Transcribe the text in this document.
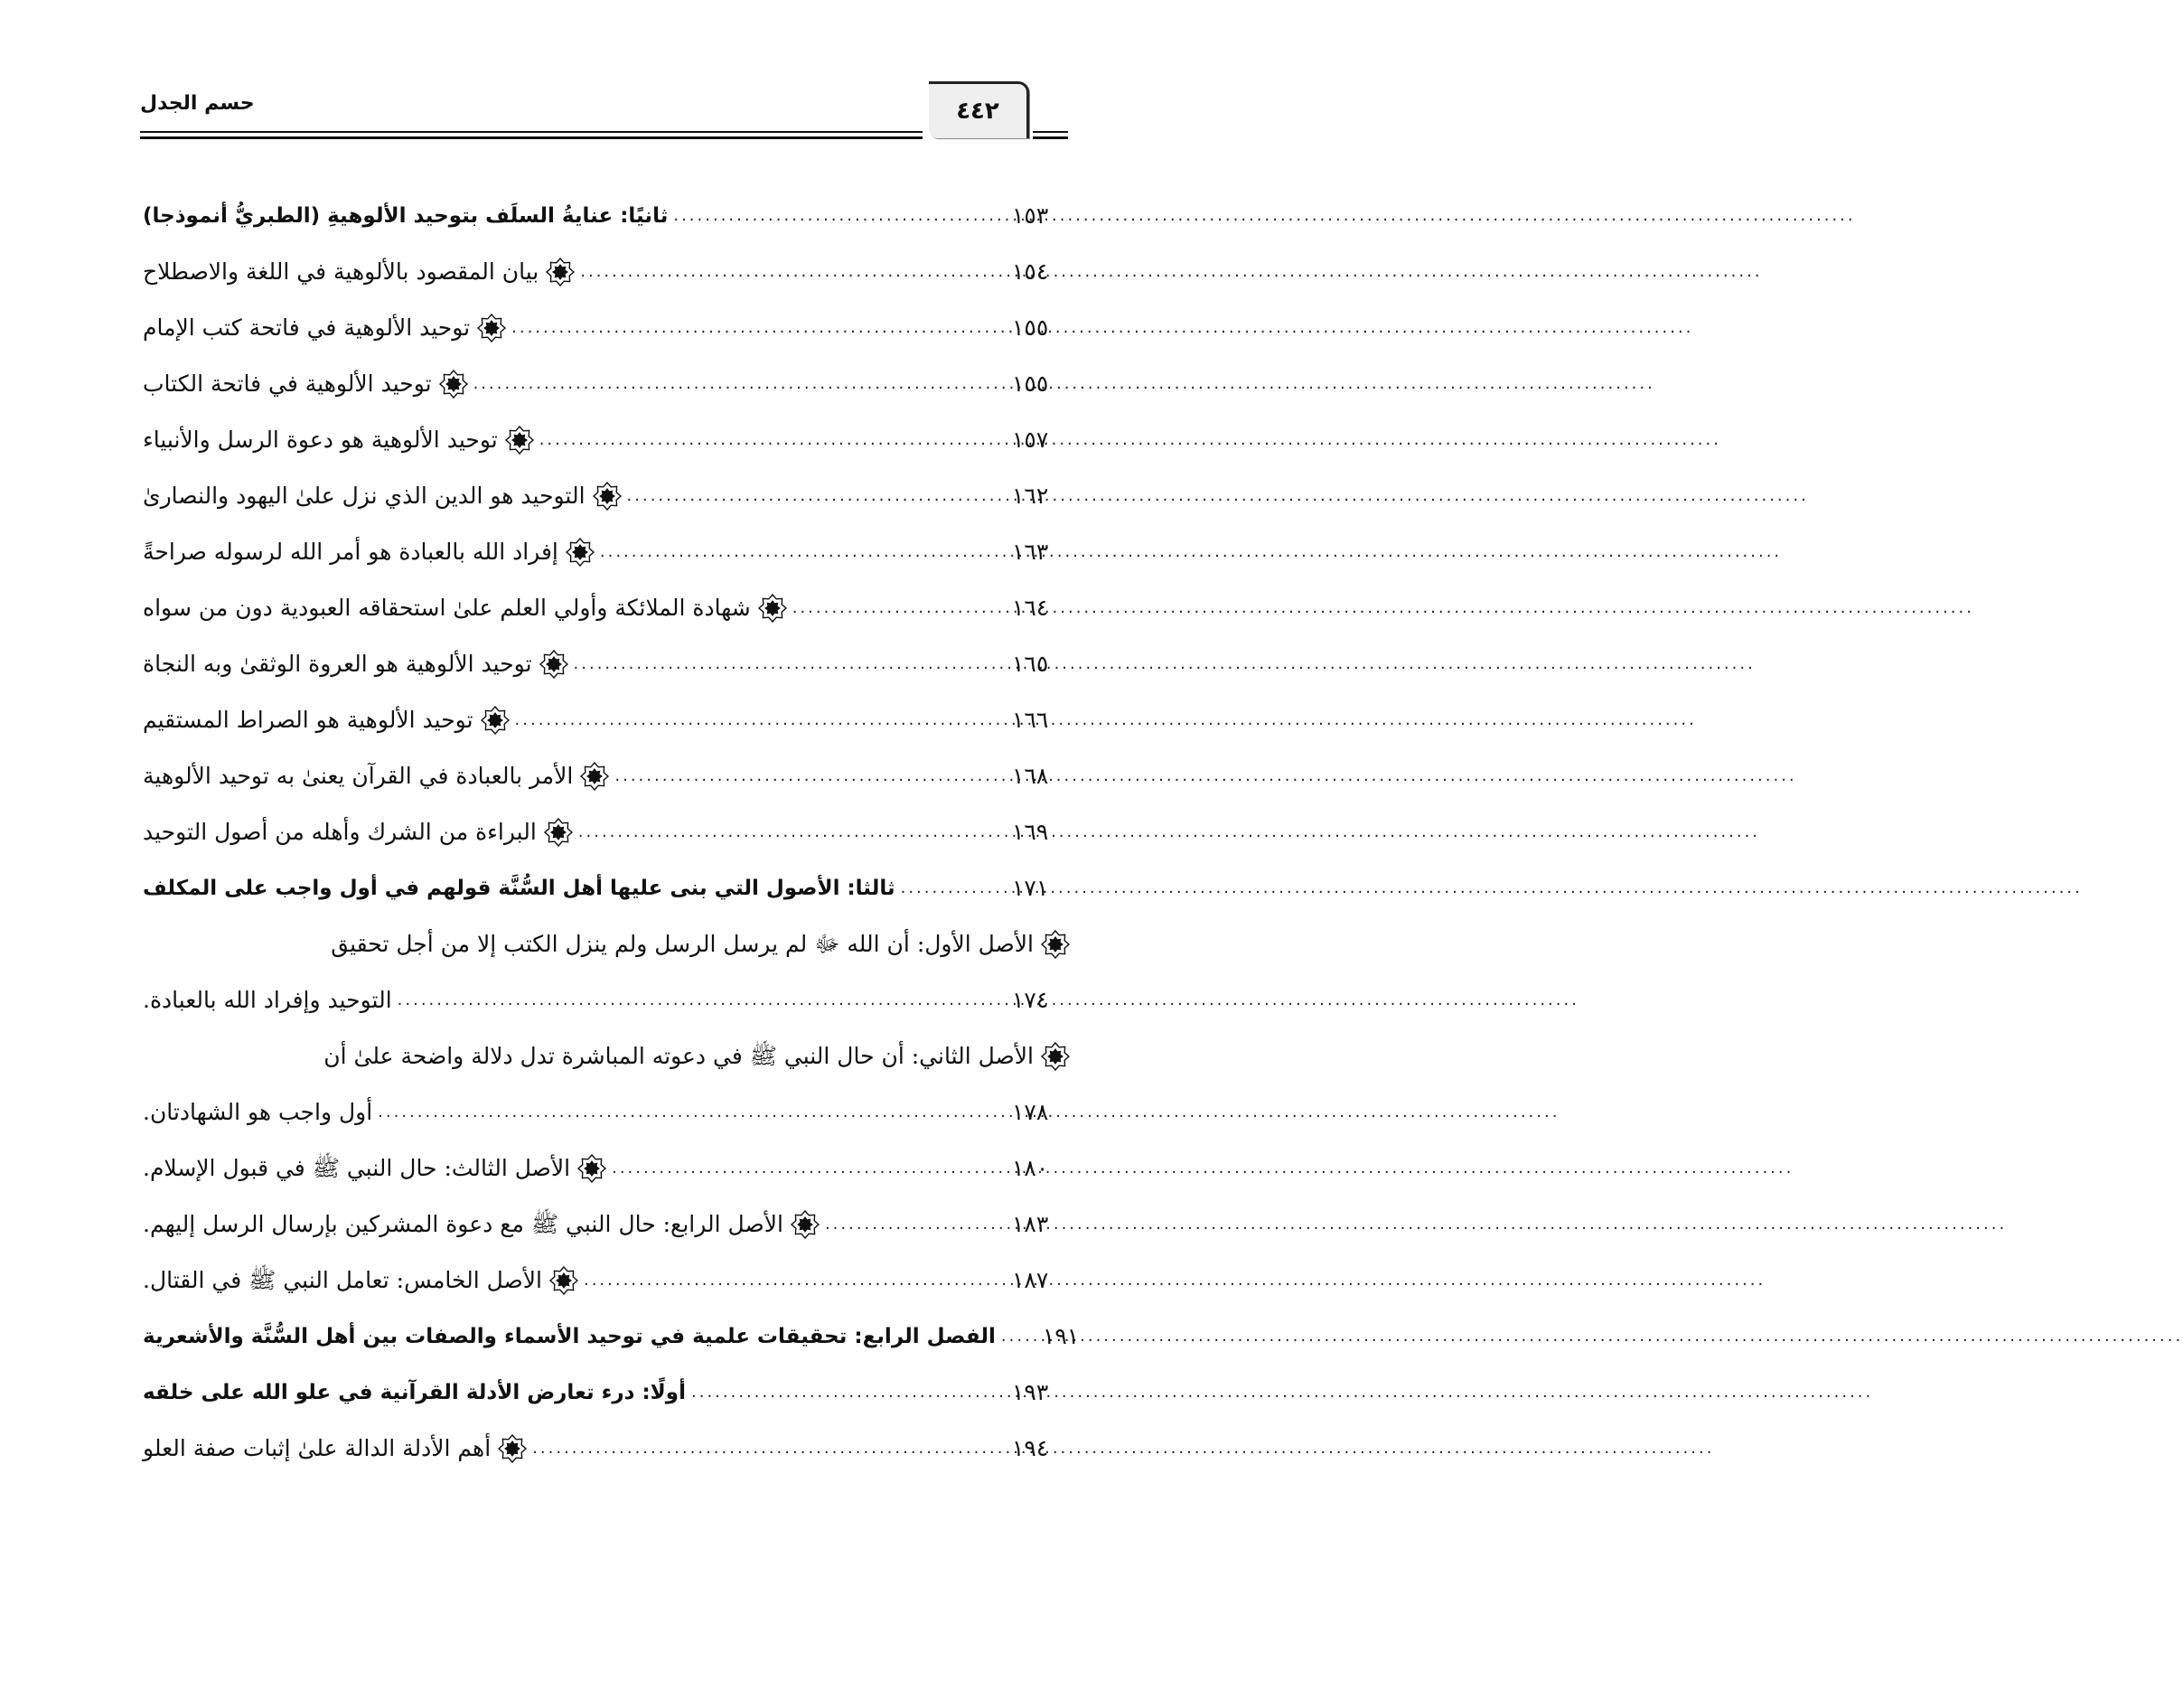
حسم الجدل	٤٤٢
ثانيًا: عنايةُ السلَف بتوحيد الألوهيةِ (الطبريُّ أنموذجا) .....	١٥٣
بيان المقصود بالألوهية في اللغة والاصطلاح .....	١٥٤
توحيد الألوهية في فاتحة كتب الإمام .....	١٥٥
توحيد الألوهية في فاتحة الكتاب .....	١٥٥
توحيد الألوهية هو دعوة الرسل والأنبياء .....	١٥٧
التوحيد هو الدين الذي نزل علىٰ اليهود والنصارىٰ .....	١٦٢
إفراد الله بالعبادة هو أمر الله لرسوله صراحةً .....	١٦٣
شهادة الملائكة وأولي العلم علىٰ استحقاقه العبودية دون من سواه .....	١٦٤
توحيد الألوهية هو العروة الوثقىٰ وبه النجاة .....	١٦٥
توحيد الألوهية هو الصراط المستقيم .....	١٦٦
الأمر بالعبادة في القرآن يعنىٰ به توحيد الألوهية .....	١٦٨
البراءة من الشرك وأهله من أصول التوحيد .....	١٦٩
ثالثا: الأصول التي بنى عليها أهل السُّنَّة قولهم في أول واجب على المكلف .....	١٧١
الأصل الأول: أن الله ﷻ لم يرسل الرسل ولم ينزل الكتب إلا من أجل تحقيق
التوحيد وإفراد الله بالعبادة. .....	١٧٤
الأصل الثاني: أن حال النبي ﷺ في دعوته المباشرة تدل دلالة واضحة علىٰ أن
أول واجب هو الشهادتان. .....	١٧٨
الأصل الثالث: حال النبي ﷺ في قبول الإسلام. .....	١٨٠
الأصل الرابع: حال النبي ﷺ مع دعوة المشركين بإرسال الرسل إليهم. .....	١٨٣
الأصل الخامس: تعامل النبي ﷺ في القتال. .....	١٨٧
الفصل الرابع: تحقيقات علمية في توحيد الأسماء والصفات بين أهل السُّنَّة والأشعرية ..... ١٩١
أولًا: درء تعارض الأدلة القرآنية في علو الله على خلقه .....	١٩٣
أهم الأدلة الدالة علىٰ إثبات صفة العلو .....	١٩٤
